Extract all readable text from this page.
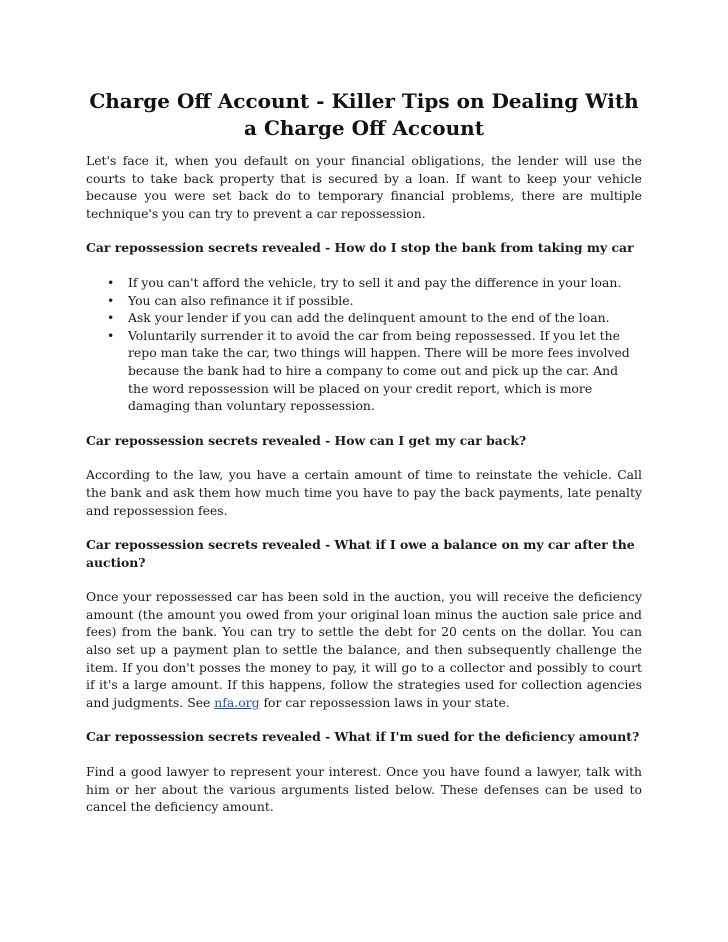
Charge Off Account - Killer Tips on Dealing With a Charge Off Account

Let's face it, when you default on your financial obligations, the lender will use the courts to take back property that is secured by a loan. If want to keep your vehicle because you were set back do to temporary financial problems, there are multiple technique's you can try to prevent a car repossession.

Car repossession secrets revealed - How do I stop the bank from taking my car
• If you can't afford the vehicle, try to sell it and pay the difference in your loan.
• You can also refinance it if possible.
• Ask your lender if you can add the delinquent amount to the end of the loan.
• Voluntarily surrender it to avoid the car from being repossessed. If you let the repo man take the car, two things will happen. There will be more fees involved because the bank had to hire a company to come out and pick up the car. And the word repossession will be placed on your credit report, which is more damaging than voluntary repossession.
Car repossession secrets revealed - How can I get my car back?

According to the law, you have a certain amount of time to reinstate the vehicle. Call the bank and ask them how much time you have to pay the back payments, late penalty and repossession fees.

Car repossession secrets revealed - What if I owe a balance on my car after the auction?

Once your repossessed car has been sold in the auction, you will receive the deficiency amount (the amount you owed from your original loan minus the auction sale price and fees) from the bank. You can try to settle the debt for 20 cents on the dollar. You can also set up a payment plan to settle the balance, and then subsequently challenge the item. If you don't posses the money to pay, it will go to a collector and possibly to court if it's a large amount. If this happens, follow the strategies used for collection agencies and judgments. See nfa.org for car repossession laws in your state.

Car repossession secrets revealed - What if I'm sued for the deficiency amount?

Find a good lawyer to represent your interest. Once you have found a lawyer, talk with him or her about the various arguments listed below. These defenses can be used to cancel the deficiency amount.
